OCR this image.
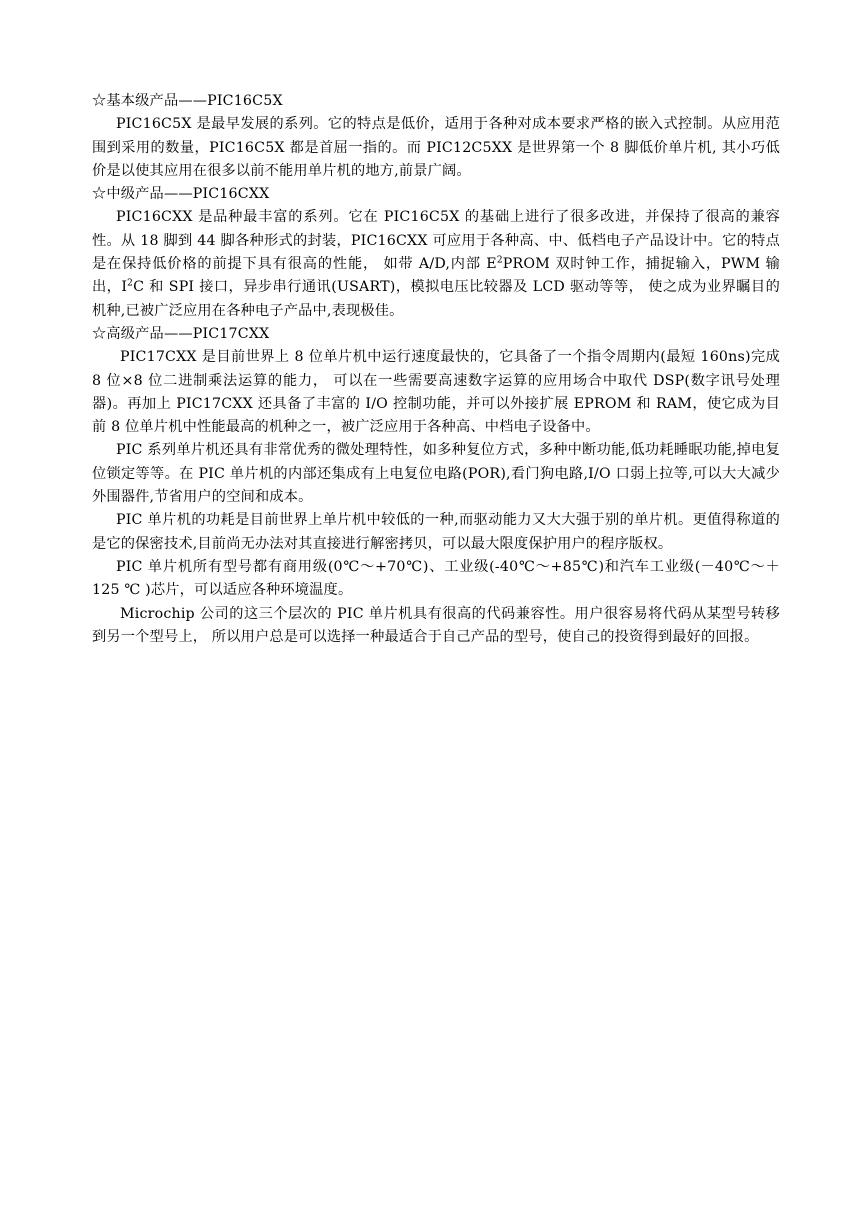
☆基本级产品——PIC16C5X
PIC16C5X 是最早发展的系列。它的特点是低价，适用于各种对成本要求严格的嵌入式控制。从应用范围到采用的数量，PIC16C5X 都是首屈一指的。而 PIC12C5XX 是世界第一个 8 脚低价单片机, 其小巧低价是以使其应用在很多以前不能用单片机的地方,前景广阔。
☆中级产品——PIC16CXX
PIC16CXX 是品种最丰富的系列。它在 PIC16C5X 的基础上进行了很多改进，并保持了很高的兼容性。从 18 脚到 44 脚各种形式的封装，PIC16CXX 可应用于各种高、中、低档电子产品设计中。它的特点是在保持低价格的前提下具有很高的性能， 如带 A/D,内部 $E^2PROM$ 双时钟工作，捕捉输入，PWM 输出，$I^2C$ 和 SPI 接口，异步串行通讯(USART)，模拟电压比较器及 LCD 驱动等等， 使之成为业界瞩目的机种,已被广泛应用在各种电子产品中,表现极佳。
☆高级产品——PIC17CXX
PIC17CXX 是目前世界上 8 位单片机中运行速度最快的，它具备了一个指令周期内(最短 160ns)完成 8 位×8 位二进制乘法运算的能力， 可以在一些需要高速数字运算的应用场合中取代 DSP(数字讯号处理器)。再加上 PIC17CXX 还具备了丰富的 I/O 控制功能，并可以外接扩展 EPROM 和 RAM，使它成为目前 8 位单片机中性能最高的机种之一，被广泛应用于各种高、中档电子设备中。
PIC 系列单片机还具有非常优秀的微处理特性，如多种复位方式，多种中断功能,低功耗睡眠功能,掉电复位锁定等等。在 PIC 单片机的内部还集成有上电复位电路(POR),看门狗电路,I/O 口弱上拉等,可以大大减少外围器件,节省用户的空间和成本。
PIC 单片机的功耗是目前世界上单片机中较低的一种,而驱动能力又大大强于别的单片机。更值得称道的是它的保密技术,目前尚无办法对其直接进行解密拷贝，可以最大限度保护用户的程序版权。
PIC 单片机所有型号都有商用级(0℃～+70℃)、工业级(-40℃～+85℃)和汽车工业级(－40℃～＋125 ℃ )芯片，可以适应各种环境温度。
Microchip 公司的这三个层次的 PIC 单片机具有很高的代码兼容性。用户很容易将代码从某型号转移到另一个型号上， 所以用户总是可以选择一种最适合于自己产品的型号，使自己的投资得到最好的回报。
